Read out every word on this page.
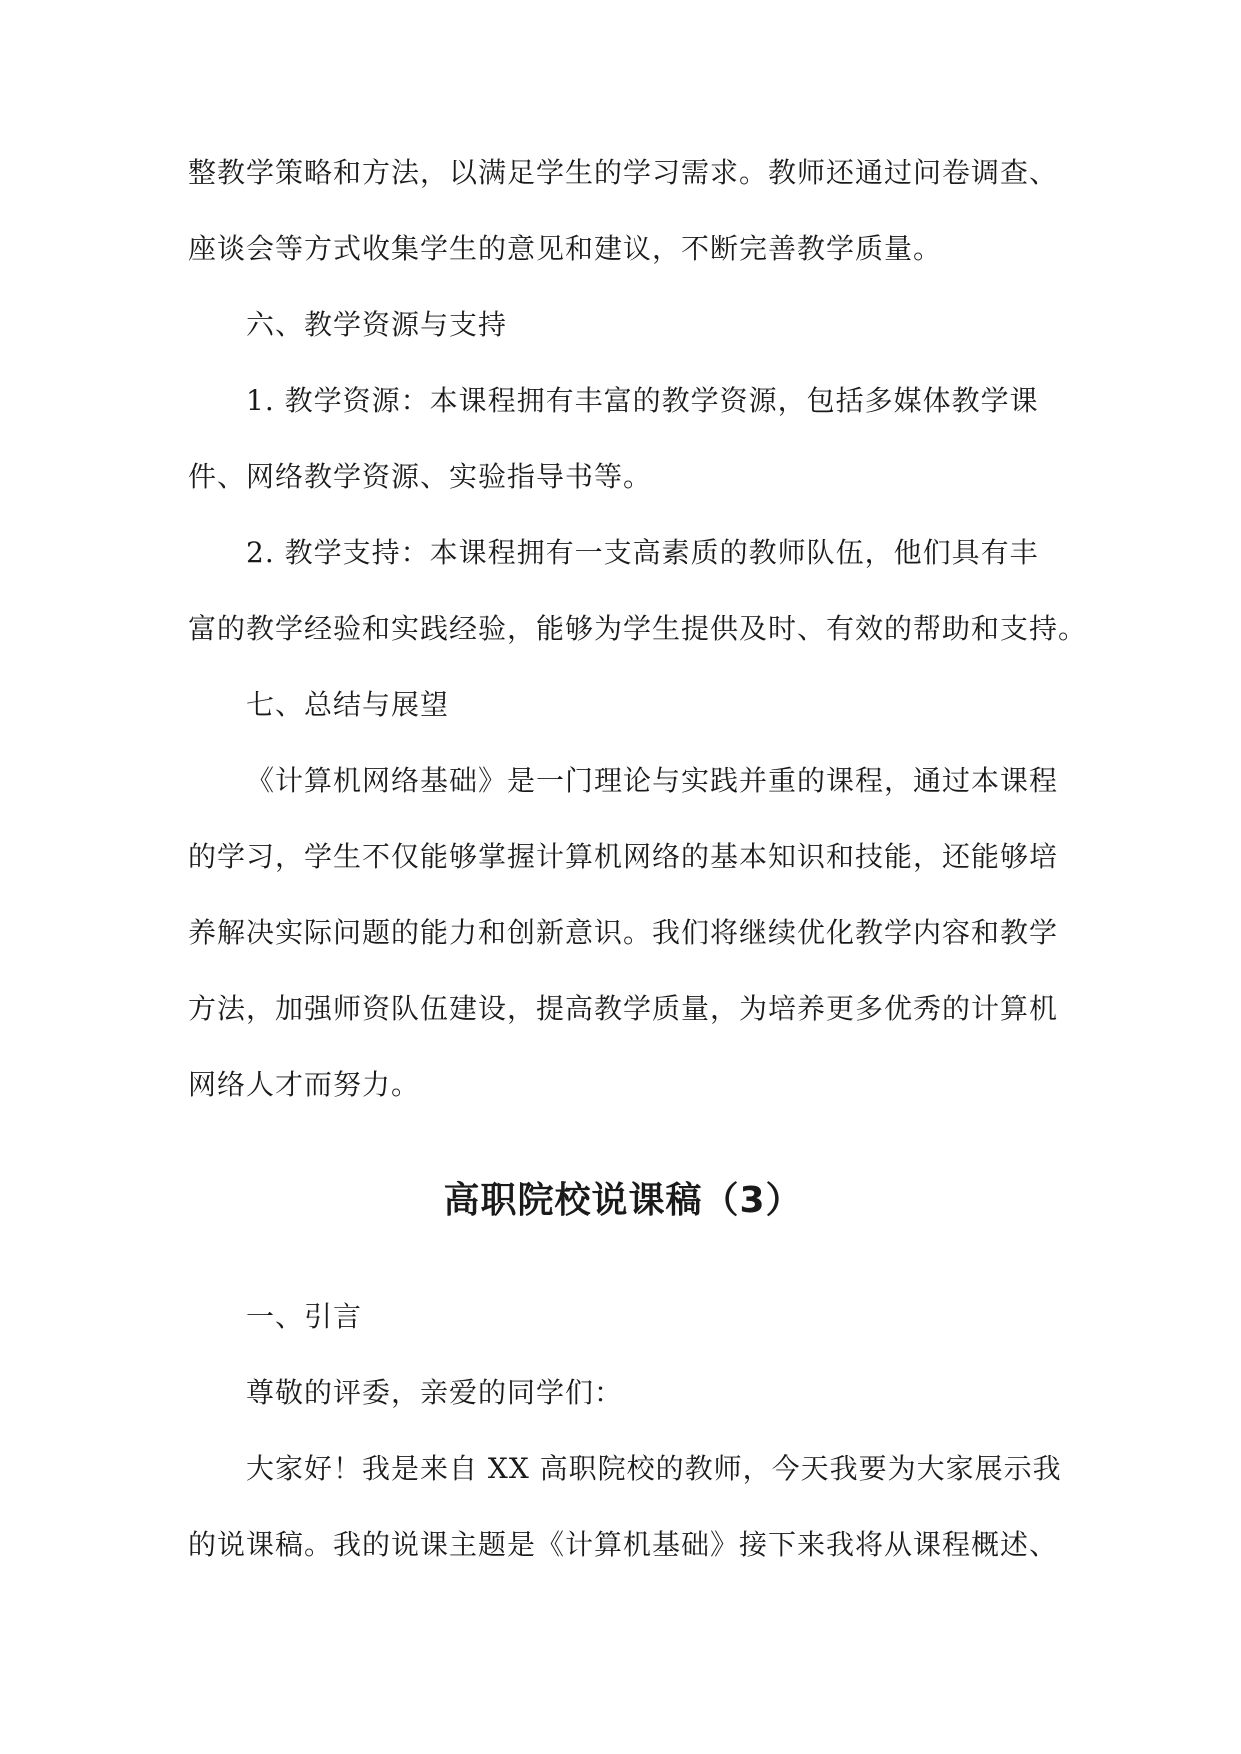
整教学策略和方法，以满足学生的学习需求。教师还通过问卷调查、
座谈会等方式收集学生的意见和建议，不断完善教学质量。
六、教学资源与支持
1. 教学资源：本课程拥有丰富的教学资源，包括多媒体教学课
件、网络教学资源、实验指导书等。
2. 教学支持：本课程拥有一支高素质的教师队伍，他们具有丰
富的教学经验和实践经验，能够为学生提供及时、有效的帮助和支持。
七、总结与展望
《计算机网络基础》是一门理论与实践并重的课程，通过本课程
的学习，学生不仅能够掌握计算机网络的基本知识和技能，还能够培
养解决实际问题的能力和创新意识。我们将继续优化教学内容和教学
方法，加强师资队伍建设，提高教学质量，为培养更多优秀的计算机
网络人才而努力。
高职院校说课稿（3）
一、引言
尊敬的评委，亲爱的同学们：
大家好！我是来自 XX 高职院校的教师，今天我要为大家展示我
的说课稿。我的说课主题是《计算机基础》接下来我将从课程概述、
